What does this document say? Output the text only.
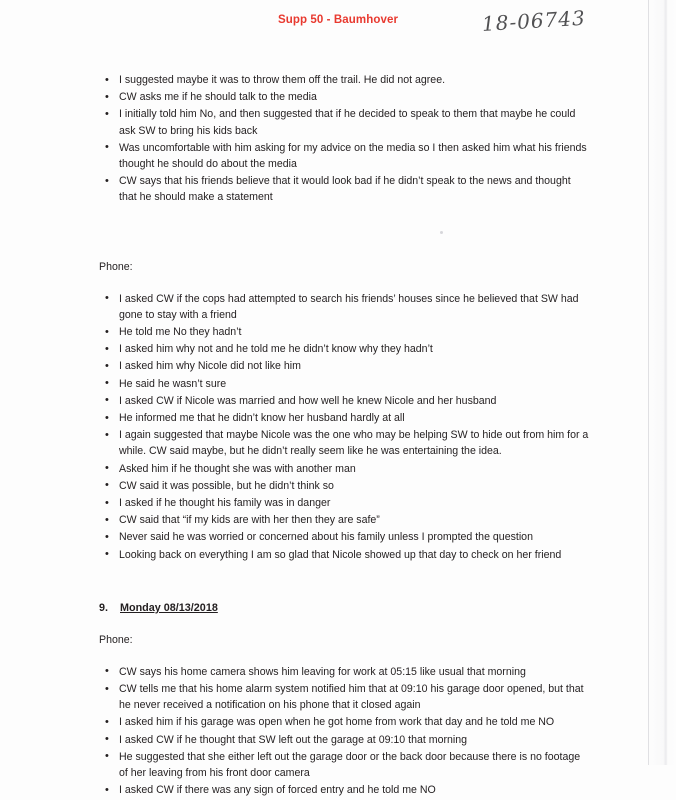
Supp 50 - Baumhover	18-06743
• I suggested maybe it was to throw them off the trail. He did not agree.
• CW asks me if he should talk to the media
• I initially told him No, and then suggested that if he decided to speak to them that maybe he could ask SW to bring his kids back
• Was uncomfortable with him asking for my advice on the media so I then asked him what his friends thought he should do about the media
• CW says that his friends believe that it would look bad if he didn’t speak to the news and thought that he should make a statement

Phone:

• I asked CW if the cops had attempted to search his friends’ houses since he believed that SW had gone to stay with a friend
• He told me No they hadn’t
• I asked him why not and he told me he didn’t know why they hadn’t
• I asked him why Nicole did not like him
• He said he wasn’t sure
• I asked CW if Nicole was married and how well he knew Nicole and her husband
• He informed me that he didn’t know her husband hardly at all
• I again suggested that maybe Nicole was the one who may be helping SW to hide out from him for a while. CW said maybe, but he didn’t really seem like he was entertaining the idea.
• Asked him if he thought she was with another man
• CW said it was possible, but he didn’t think so
• I asked if he thought his family was in danger
• CW said that “if my kids are with her then they are safe”
• Never said he was worried or concerned about his family unless I prompted the question
• Looking back on everything I am so glad that Nicole showed up that day to check on her friend

9. Monday 08/13/2018

Phone:

• CW says his home camera shows him leaving for work at 05:15 like usual that morning
• CW tells me that his home alarm system notified him that at 09:10 his garage door opened, but that he never received a notification on his phone that it closed again
• I asked him if his garage was open when he got home from work that day and he told me NO
• I asked CW if he thought that SW left out the garage at 09:10 that morning
• He suggested that she either left out the garage door or the back door because there is no footage of her leaving from his front door camera
• I asked CW if there was any sign of forced entry and he told me NO
